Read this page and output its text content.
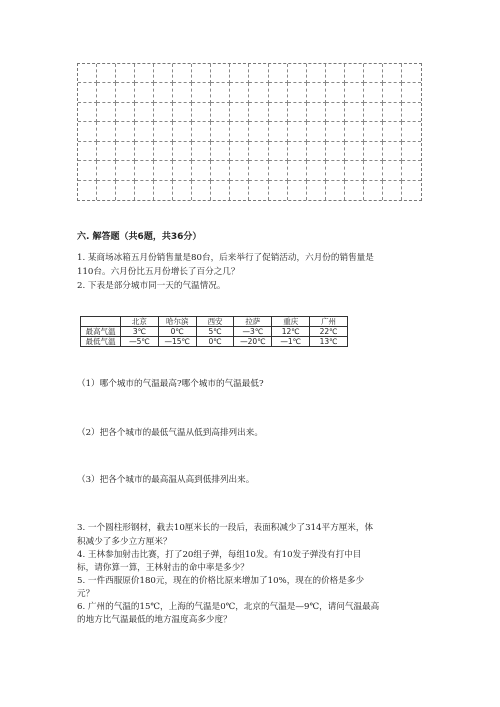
六. 解答题（共6题，共36分）
1. 某商场冰箱五月份销售量是80台，后来举行了促销活动，六月份的销售量是
110台。六月份比五月份增长了百分之几？
2. 下表是部分城市同一天的气温情况。
	北京	哈尔滨	西安	拉萨	重庆	广州
最高气温	3℃	0℃	5℃	—3℃	12℃	22℃
最低气温	—5℃	—15℃	0℃	—20℃	—1℃	13℃
（1）哪个城市的气温最高?哪个城市的气温最低?
（2）把各个城市的最低气温从低到高排列出来。
（3）把各个城市的最高温从高到低排列出来。
3. 一个圆柱形钢材，截去10厘米长的一段后，表面积减少了314平方厘米，体
积减少了多少立方厘米？
4. 王林参加射击比赛，打了20组子弹，每组10发。有10发子弹没有打中目
标，请你算一算，王林射击的命中率是多少？
5. 一件西服原价180元，现在的价格比原来增加了10%，现在的价格是多少
元？
6. 广州的气温的15℃，上海的气温是0℃，北京的气温是—9℃，请问气温最高
的地方比气温最低的地方温度高多少度？
